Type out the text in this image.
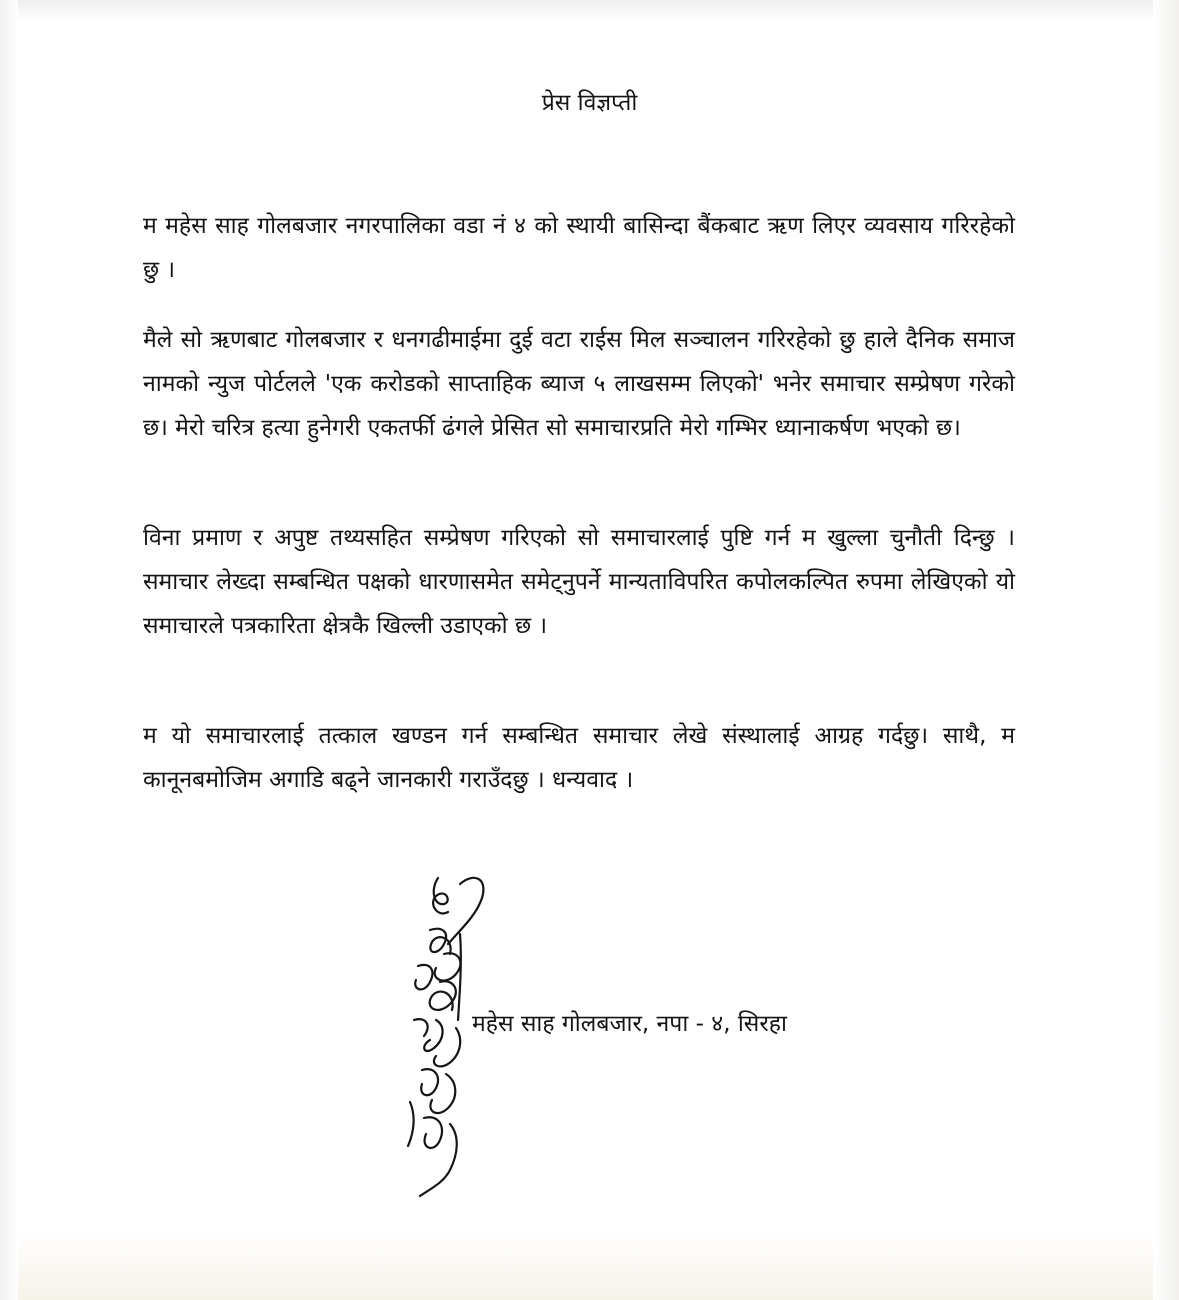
प्रेस विज्ञप्ती

म महेस साह गोलबजार नगरपालिका वडा नं ४ को स्थायी बासिन्दा बैंकबाट ऋण लिएर व्यवसाय गरिरहेको छु ।

मैले सो ऋणबाट गोलबजार र धनगढीमाईमा दुई वटा राईस मिल सञ्चालन गरिरहेको छु हाले दैनिक समाज नामको न्युज पोर्टलले 'एक करोडको साप्ताहिक ब्याज ५ लाखसम्म लिएको' भनेर समाचार सम्प्रेषण गरेको छ। मेरो चरित्र हत्या हुनेगरी एकतर्फी ढंगले प्रेसित सो समाचारप्रति मेरो गम्भिर ध्यानाकर्षण भएको छ।

विना प्रमाण र अपुष्ट तथ्यसहित सम्प्रेषण गरिएको सो समाचारलाई पुष्टि गर्न म खुल्ला चुनौती दिन्छु । समाचार लेख्दा सम्बन्धित पक्षको धारणासमेत समेट्नुपर्ने मान्यताविपरित कपोलकल्पित रुपमा लेखिएको यो समाचारले पत्रकारिता क्षेत्रकै खिल्ली उडाएको छ ।

म यो समाचारलाई तत्काल खण्डन गर्न सम्बन्धित समाचार लेखे संस्थालाई आग्रह गर्दछु। साथै, म कानूनबमोजिम अगाडि बढ्ने जानकारी गराउँदछु । धन्यवाद ।

महेस साह गोलबजार, नपा - ४, सिरहा
